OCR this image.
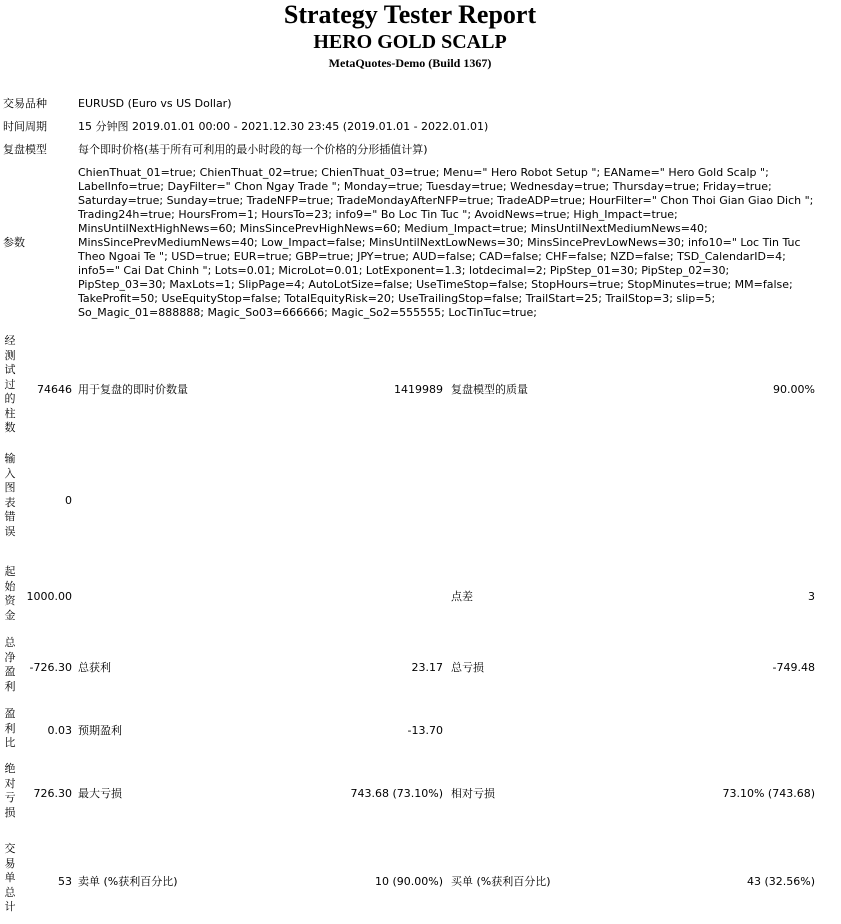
Strategy Tester Report
HERO GOLD SCALP
MetaQuotes-Demo (Build 1367)
交易品种	EURUSD (Euro vs US Dollar)
时间周期	15 分钟图 2019.01.01 00:00 - 2021.12.30 23:45 (2019.01.01 - 2022.01.01)
复盘模型	每个即时价格(基于所有可利用的最小时段的每一个价格的分形插值计算)
参数
ChienThuat_01=true; ChienThuat_02=true; ChienThuat_03=true; Menu=" Hero Robot Setup "; EAName=" Hero Gold Scalp "; LabelInfo=true; DayFilter=" Chon Ngay Trade "; Monday=true; Tuesday=true; Wednesday=true; Thursday=true; Friday=true; Saturday=true; Sunday=true; TradeNFP=true; TradeMondayAfterNFP=true; TradeADP=true; HourFilter=" Chon Thoi Gian Giao Dich "; Trading24h=true; HoursFrom=1; HoursTo=23; info9=" Bo Loc Tin Tuc "; AvoidNews=true; High_Impact=true; MinsUntilNextHighNews=60; MinsSincePrevHighNews=60; Medium_Impact=true; MinsUntilNextMediumNews=40; MinsSincePrevMediumNews=40; Low_Impact=false; MinsUntilNextLowNews=30; MinsSincePrevLowNews=30; info10=" Loc Tin Tuc Theo Ngoai Te "; USD=true; EUR=true; GBP=true; JPY=true; AUD=false; CAD=false; CHF=false; NZD=false; TSD_CalendarID=4; info5=" Cai Dat Chinh "; Lots=0.01; MicroLot=0.01; LotExponent=1.3; lotdecimal=2; PipStep_01=30; PipStep_02=30; PipStep_03=30; MaxLots=1; SlipPage=4; AutoLotSize=false; UseTimeStop=false; StopHours=true; StopMinutes=true; MM=false; TakeProfit=50; UseEquityStop=false; TotalEquityRisk=20; UseTrailingStop=false; TrailStart=25; TrailStop=3; slip=5; So_Magic_01=888888; Magic_So03=666666; Magic_So2=555555; LocTinTuc=true;
经测试过的柱数
74646 用于复盘的即时价数量	1419989 复盘模型的质量	90.00%
输入图表错误
0
起始资金
1000.00	点差	3
总净盈利
-726.30 总获利	23.17 总亏损	-749.48
盈利比
0.03 预期盈利	-13.70
绝对亏损
726.30 最大亏损	743.68 (73.10%) 相对亏损	73.10% (743.68)
交易单总计
53 卖单 (%获利百分比)	10 (90.00%) 买单 (%获利百分比)	43 (32.56%)
